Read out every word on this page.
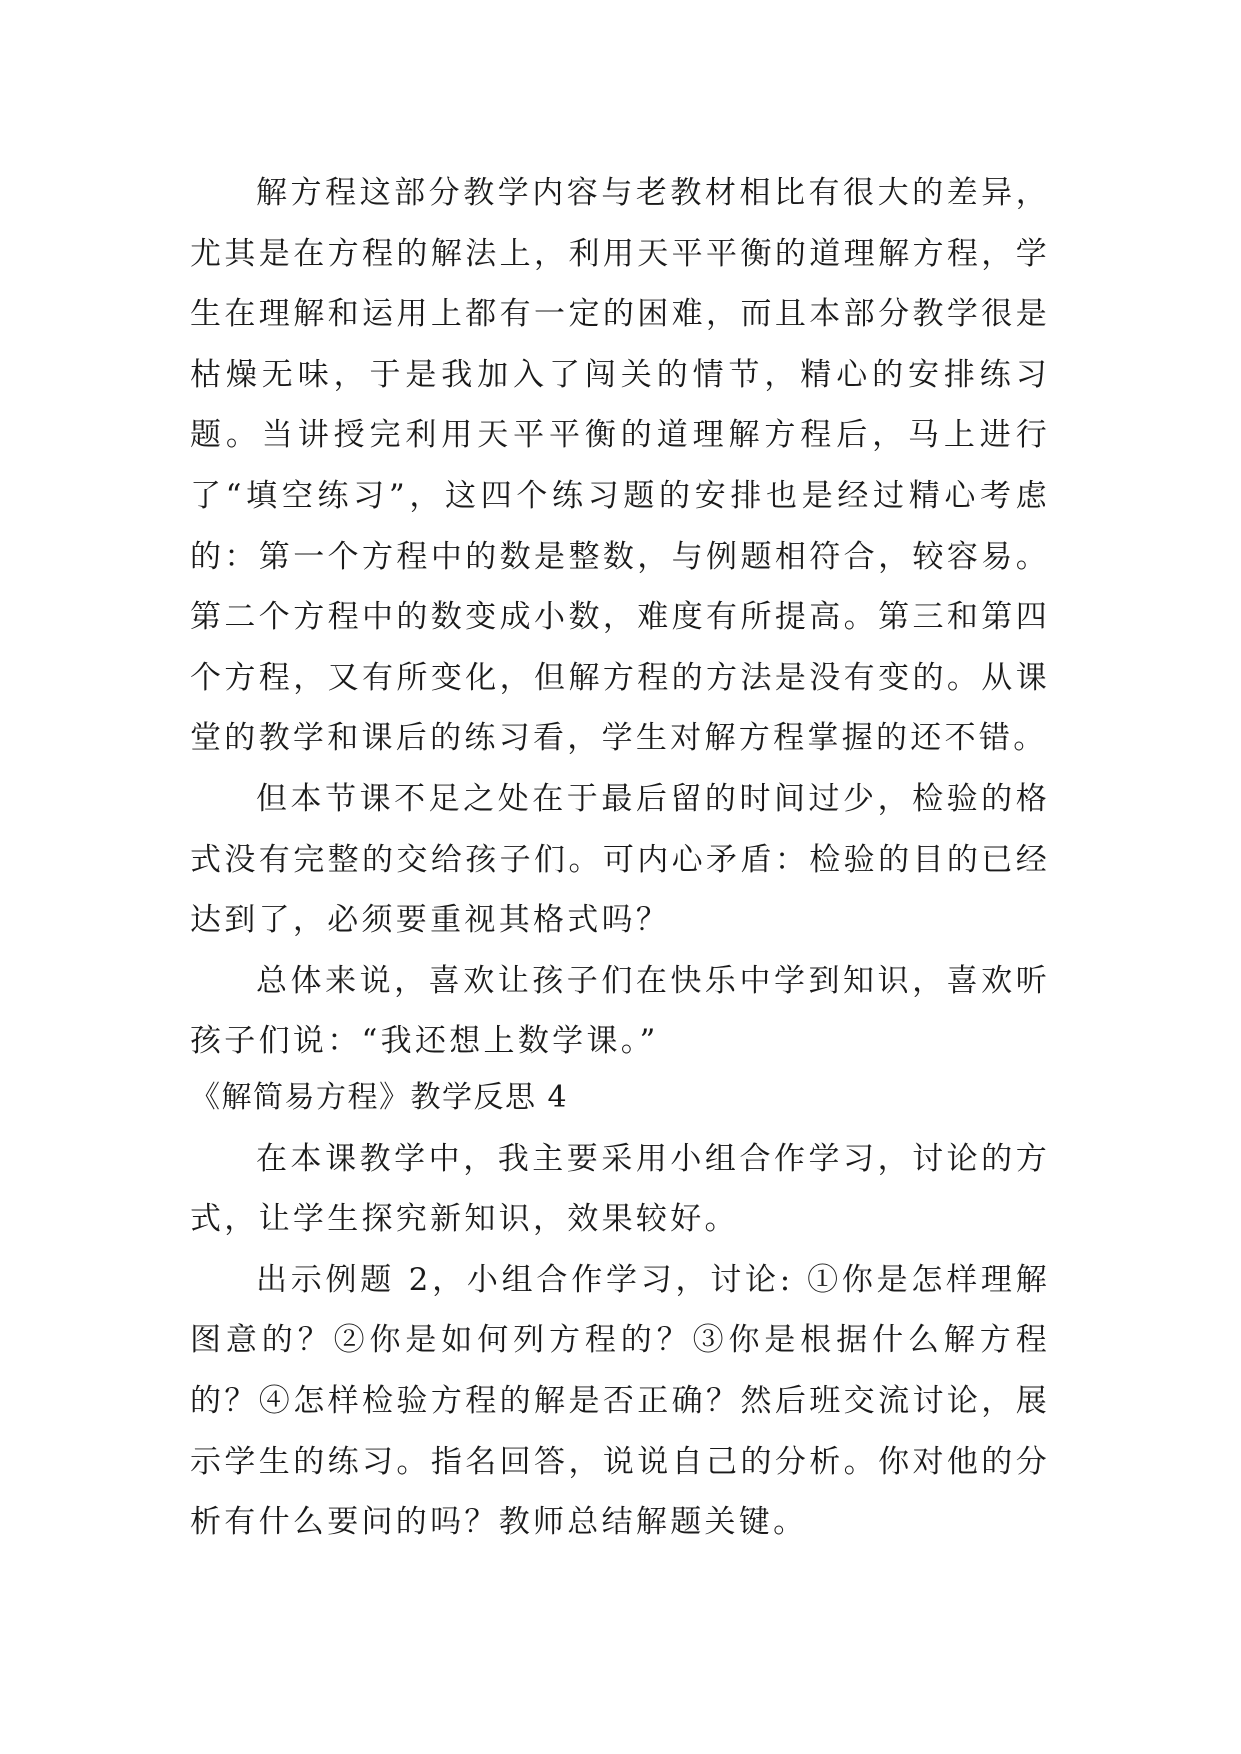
解方程这部分教学内容与老教材相比有很大的差异，尤其是在方程的解法上，利用天平平衡的道理解方程，学生在理解和运用上都有一定的困难，而且本部分教学很是枯燥无味，于是我加入了闯关的情节，精心的安排练习题。当讲授完利用天平平衡的道理解方程后，马上进行了“填空练习”，这四个练习题的安排也是经过精心考虑的：第一个方程中的数是整数，与例题相符合，较容易。第二个方程中的数变成小数，难度有所提高。第三和第四个方程，又有所变化，但解方程的方法是没有变的。从课堂的教学和课后的练习看，学生对解方程掌握的还不错。

但本节课不足之处在于最后留的时间过少，检验的格式没有完整的交给孩子们。可内心矛盾：检验的目的已经达到了，必须要重视其格式吗？

总体来说，喜欢让孩子们在快乐中学到知识，喜欢听孩子们说：“我还想上数学课。”

《解简易方程》教学反思 4

在本课教学中，我主要采用小组合作学习，讨论的方式，让学生探究新知识，效果较好。

出示例题 2，小组合作学习，讨论: ①你是怎样理解图意的？②你是如何列方程的？③你是根据什么解方程的？④怎样检验方程的解是否正确？然后班交流讨论，展示学生的练习。指名回答，说说自己的分析。你对他的分析有什么要问的吗？教师总结解题关键。
